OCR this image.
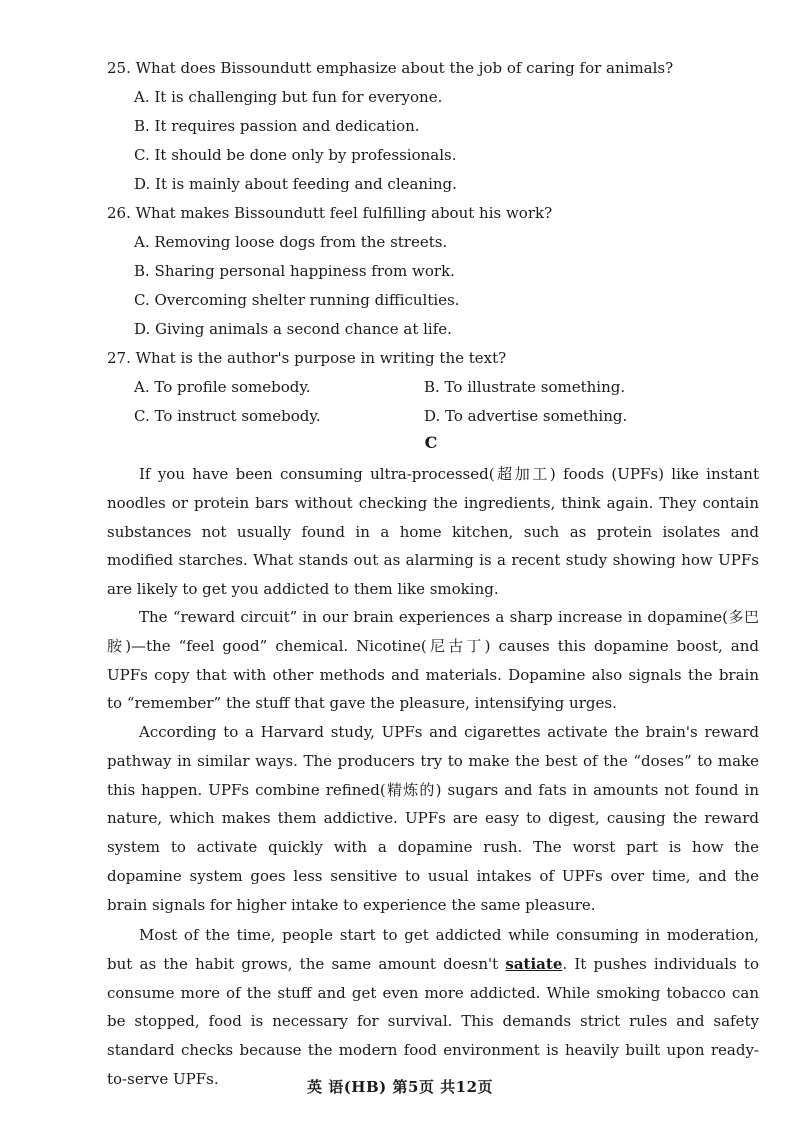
25. What does Bissoundutt emphasize about the job of caring for animals?
A. It is challenging but fun for everyone.
B. It requires passion and dedication.
C. It should be done only by professionals.
D. It is mainly about feeding and cleaning.
26. What makes Bissoundutt feel fulfilling about his work?
A. Removing loose dogs from the streets.
B. Sharing personal happiness from work.
C. Overcoming shelter running difficulties.
D. Giving animals a second chance at life.
27. What is the author's purpose in writing the text?
A. To profile somebody.	B. To illustrate something.
C. To instruct somebody.	D. To advertise something.
C

If you have been consuming ultra-processed(超加工) foods (UPFs) like instant noodles or protein bars without checking the ingredients, think again. They contain substances not usually found in a home kitchen, such as protein isolates and modified starches. What stands out as alarming is a recent study showing how UPFs are likely to get you addicted to them like smoking.

The “reward circuit” in our brain experiences a sharp increase in dopamine(多巴胺)—the “feel good” chemical. Nicotine(尼古丁) causes this dopamine boost, and UPFs copy that with other methods and materials. Dopamine also signals the brain to “remember” the stuff that gave the pleasure, intensifying urges.

According to a Harvard study, UPFs and cigarettes activate the brain's reward pathway in similar ways. The producers try to make the best of the “doses” to make this happen. UPFs combine refined(精炼的) sugars and fats in amounts not found in nature, which makes them addictive. UPFs are easy to digest, causing the reward system to activate quickly with a dopamine rush. The worst part is how the dopamine system goes less sensitive to usual intakes of UPFs over time, and the brain signals for higher intake to experience the same pleasure.

Most of the time, people start to get addicted while consuming in moderation, but as the habit grows, the same amount doesn't satiate. It pushes individuals to consume more of the stuff and get even more addicted. While smoking tobacco can be stopped, food is necessary for survival. This demands strict rules and safety standard checks because the modern food environment is heavily built upon ready-to-serve UPFs.	英 语(HB) 第5页 共12页
